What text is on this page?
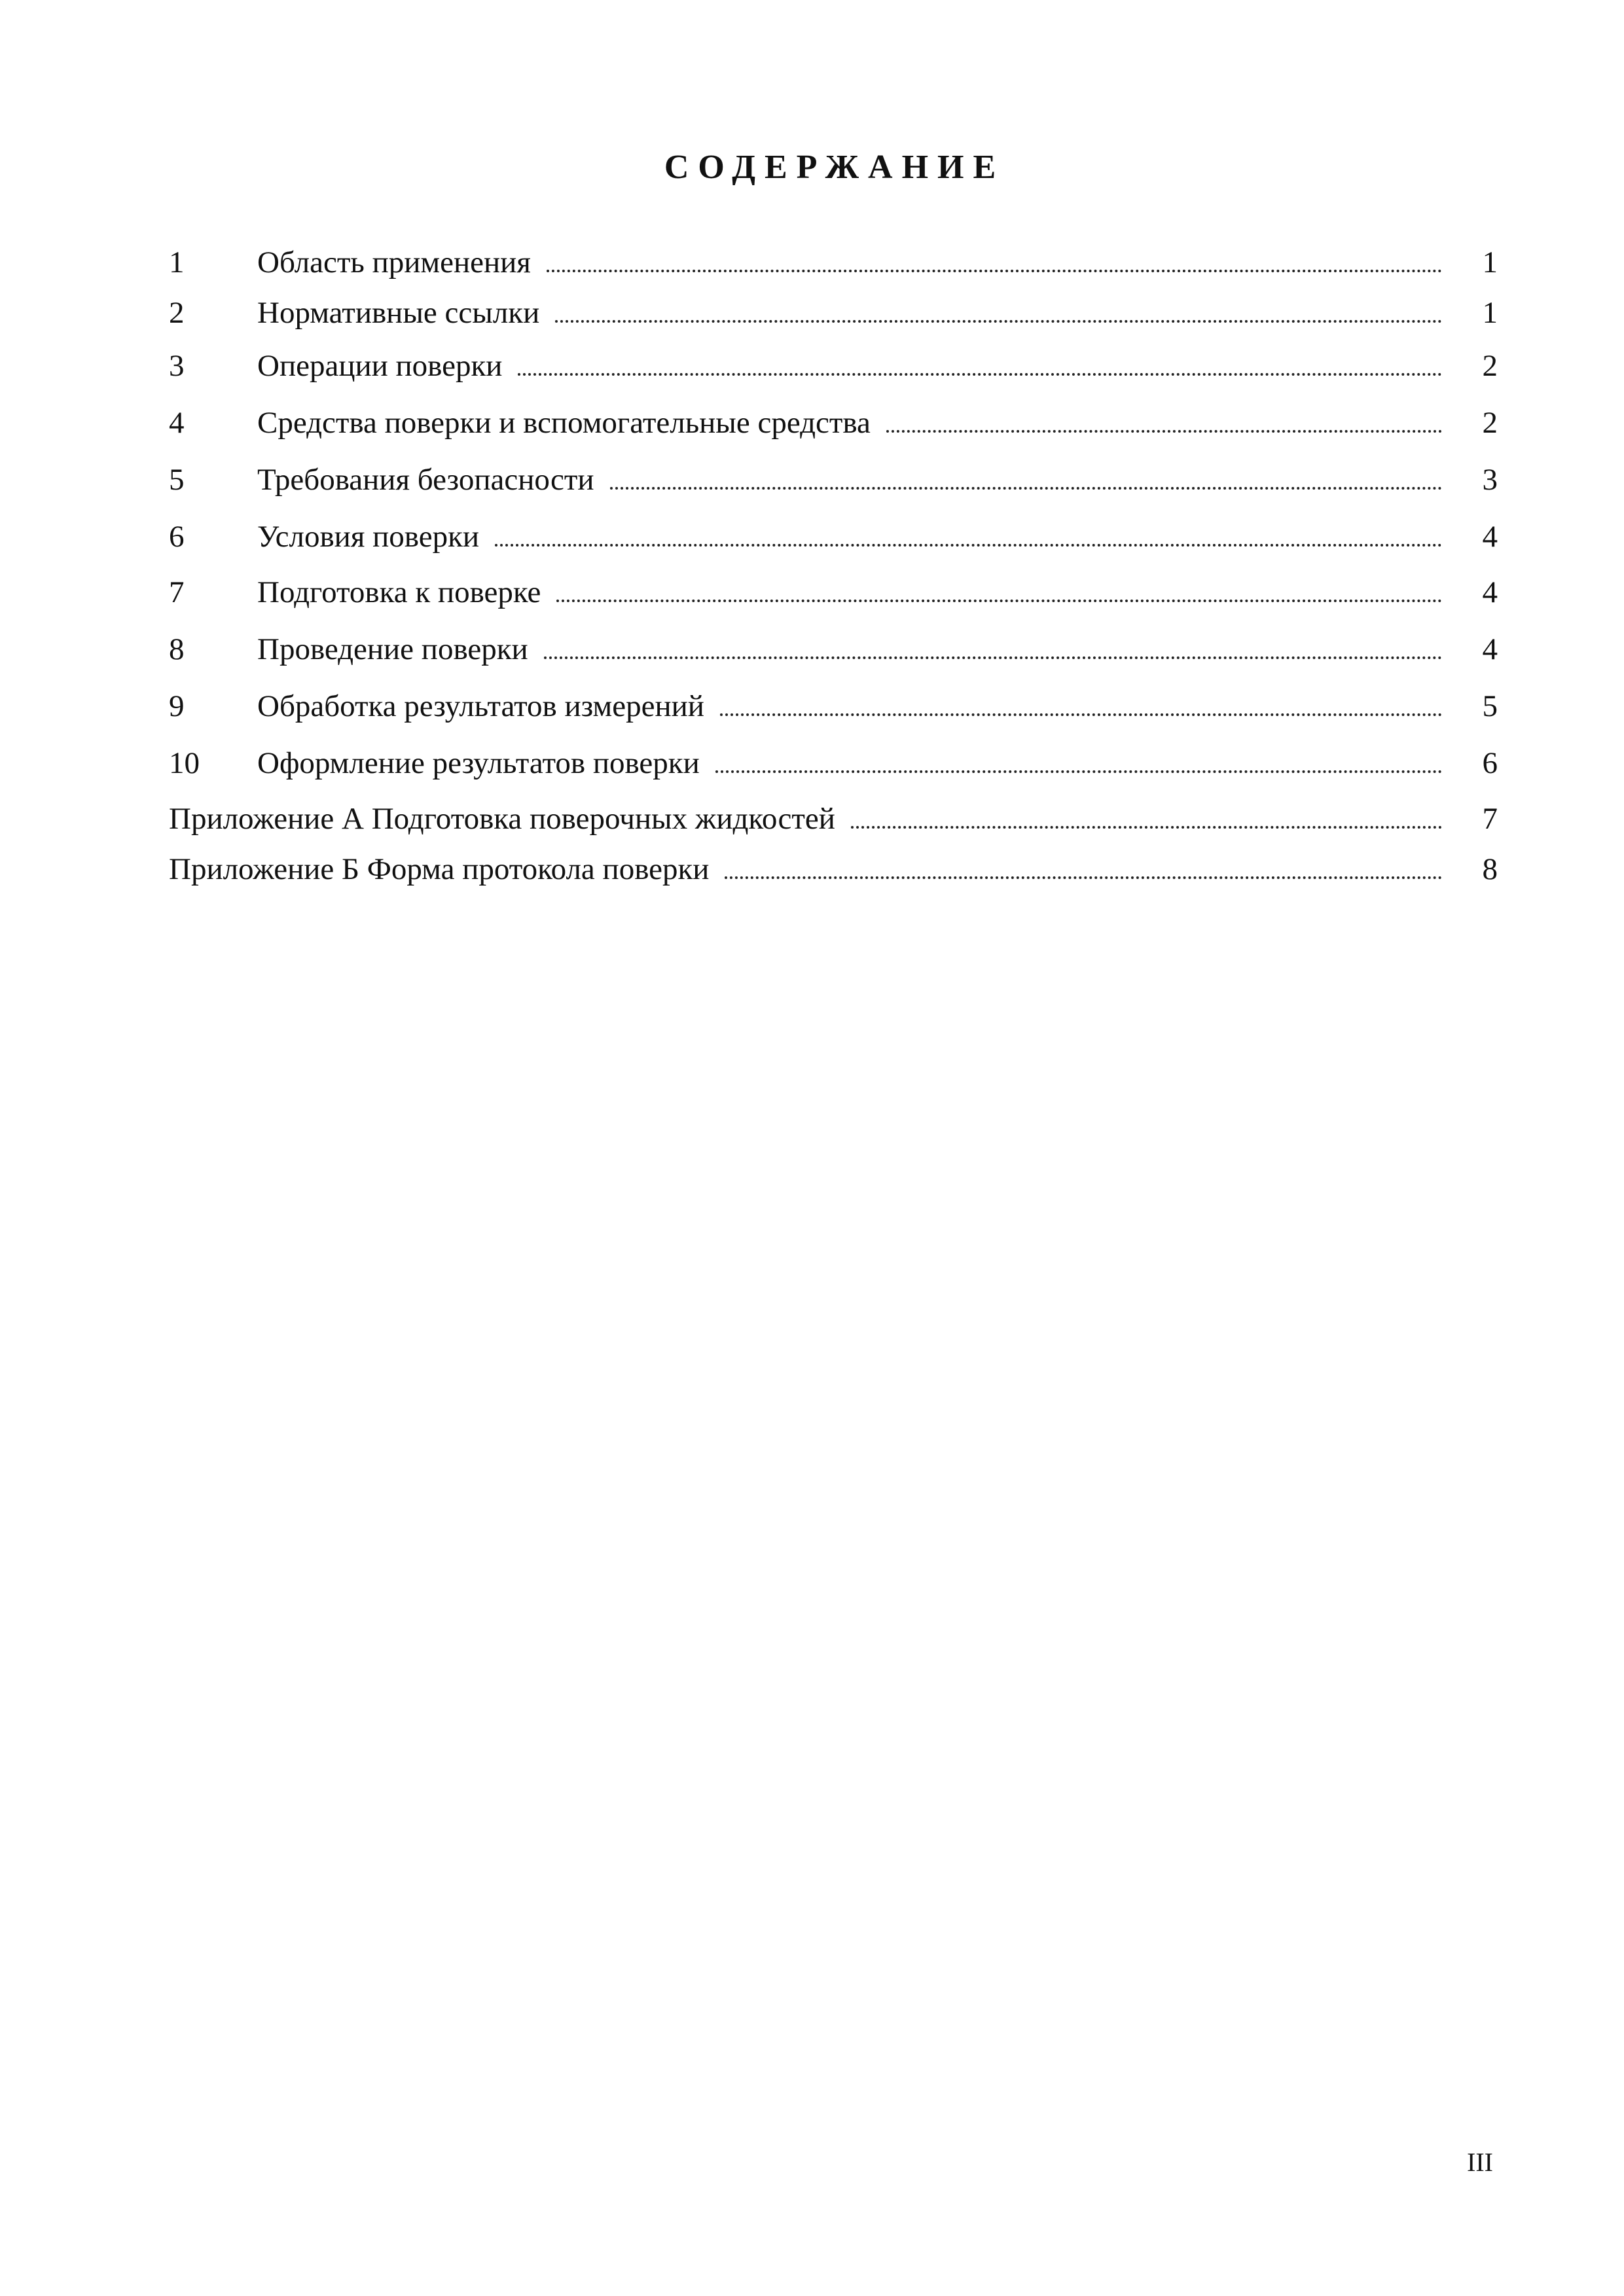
СОДЕРЖАНИЕ
1	Область применения	1
2	Нормативные ссылки	1
3	Операции поверки	2
4	Средства поверки и вспомогательные средства	2
5	Требования безопасности	3
6	Условия поверки	4
7	Подготовка к поверке	4
8	Проведение поверки	4
9	Обработка результатов измерений	5
10	Оформление результатов поверки	6
Приложение А Подготовка поверочных жидкостей	7
Приложение Б Форма протокола поверки	8

III
